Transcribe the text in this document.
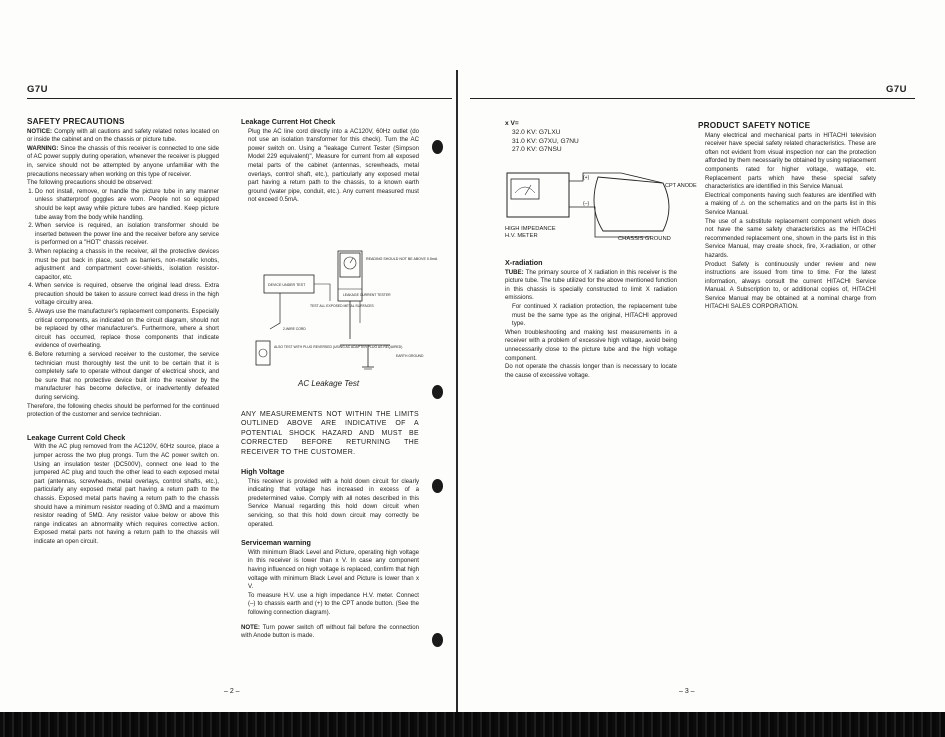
G7U	G7U
SAFETY PRECAUTIONS

NOTICE: Comply with all cautions and safety related notes located on or inside the cabinet and on the chassis or picture tube.

WARNING: Since the chassis of this receiver is connected to one side of AC power supply during operation, whenever the receiver is plugged in, service should not be attempted by anyone unfamiliar with the precautions necessary when working on this type of receiver.

The following precautions should be observed:

1. Do not install, remove, or handle the picture tube in any manner unless shatterproof goggles are worn. People not so equipped should be kept away while picture tubes are handled. Keep picture tube away from the body while handling.
2. When service is required, an isolation transformer should be inserted between the power line and the receiver before any service is performed on a "HOT" chassis receiver.
3. When replacing a chassis in the receiver, all the protective devices must be put back in place, such as barriers, non-metallic knobs, adjustment and compartment cover-shields, isolation resistor-capacitor, etc.
4. When service is required, observe the original lead dress. Extra precaution should be taken to assure correct lead dress in the high voltage circuitry area.
5. Always use the manufacturer's replacement components. Especially critical components, as indicated on the circuit diagram, should not be replaced by other manufacturer's. Furthermore, where a short circuit has occurred, replace those components that indicate evidence of overheating.
6. Before returning a serviced receiver to the customer, the service technician must thoroughly test the unit to be certain that it is completely safe to operate without danger of electrical shock, and be sure that no protective device built into the receiver by the manufacturer has become defective, or inadvertently defeated during servicing.

Therefore, the following checks should be performed for the continued protection of the customer and service technician.

Leakage Current Cold Check

With the AC plug removed from the AC120V, 60Hz source, place a jumper across the two plug prongs. Turn the AC power switch on. Using an insulation tester (DC500V), connect one lead to the jumpered AC plug and touch the other lead to each exposed metal part (antennas, screwheads, metal overlays, control shafts, etc.), particularly any exposed metal part having a return path to the chassis. Exposed metal parts having a return path to the chassis should have a minimum resistor reading of 0.3MΩ and a maximum resistor reading of 5MΩ. Any resistor value below or above this range indicates an abnormality which requires corrective action. Exposed metal parts not having a return path to the chassis will indicate an open circuit.

– 2 –
Leakage Current Hot Check

Plug the AC line cord directly into a AC120V, 60Hz outlet (do not use an isolation transformer for this check). Turn the AC power switch on. Using a "leakage Current Tester (Simpson Model 229 equivalent)", Measure for current from all exposed metal parts of the cabinet (antennas, screwheads, metal overlays, control shaft, etc.), particularly any exposed metal part having a return path to the chassis, to a known earth ground (water pipe, conduit, etc.). Any current measured must not exceed 0.5mA.

READING SHOULD NOT BE ABOVE 0.5mA
LEAKAGE CURRENT TESTER
DEVICE UNDER TEST
TEST ALL EXPOSED METAL SURFACES
2-WIRE CORD
ALSO TEST WITH PLUG REVERSED (USING AC ADAPTER PLUG AS REQUIRED)
EARTH GROUND
AC Leakage Test
ANY MEASUREMENTS NOT WITHIN THE LIMITS OUTLINED ABOVE ARE INDICATIVE OF A POTENTIAL SHOCK HAZARD AND MUST BE CORRECTED BEFORE RETURNING THE RECEIVER TO THE CUSTOMER.
High Voltage

This receiver is provided with a hold down circuit for clearly indicating that voltage has increased in excess of a predetermined value. Comply with all notes described in this Service Manual regarding this hold down circuit when servicing, so that this hold down circuit may correctly be operated.

Serviceman warning

With minimum Black Level and Picture, operating high voltage in this receiver is lower than x V. In case any component having influenced on high voltage is replaced, confirm that high voltage with minimum Black Level and Picture is lower than x V.

To measure H.V. use a high impedance H.V. meter. Connect (–) to chassis earth and (+) to the CPT anode button. (See the following connection diagram).

NOTE: Turn power switch off without fail before the connection with Anode button is made.

x V=
32.0 KV: G7LXU
31.0 KV: G7XU, G7NU
27.0 KV: G7NSU
(+)
(–)
CPT ANODE
HIGH IMPEDANCE
H.V. METER	CHASSIS GROUND
X-radiation

TUBE: The primary source of X radiation in this receiver is the picture tube. The tube utilized for the above mentioned function in this chassis is specially constructed to limit X radiation emissions.

For continued X radiation protection, the replacement tube must be the same type as the original, HITACHI approved type.

When troubleshooting and making test measurements in a receiver with a problem of excessive high voltage, avoid being unnecessarily close to the picture tube and the high voltage component.

Do not operate the chassis longer than is necessary to locate the cause of excessive voltage.

PRODUCT SAFETY NOTICE

Many electrical and mechanical parts in HITACHI television receiver have special safety related characteristics. These are often not evident from visual inspection nor can the protection afforded by them necessarily be obtained by using replacement components rated for higher voltage, wattage, etc. Replacement parts which have these special safety characteristics are identified in this Service Manual.

Electrical components having such features are identified with a making of ⚠ on the schematics and on the parts list in this Service Manual.

The use of a substitute replacement component which does not have the same safety characteristics as the HITACHI recommended replacement one, shown in the parts list in this Service Manual, may create shock, fire, X-radiation, or other hazards.

Product Safety is continuously under review and new instructions are issued from time to time. For the latest information, always consult the current HITACHI Service Manual. A Subscription to, or additional copies of, HITACHI Service Manual may be obtained at a nominal charge from HITACHI SALES CORPORATION.

– 3 –
